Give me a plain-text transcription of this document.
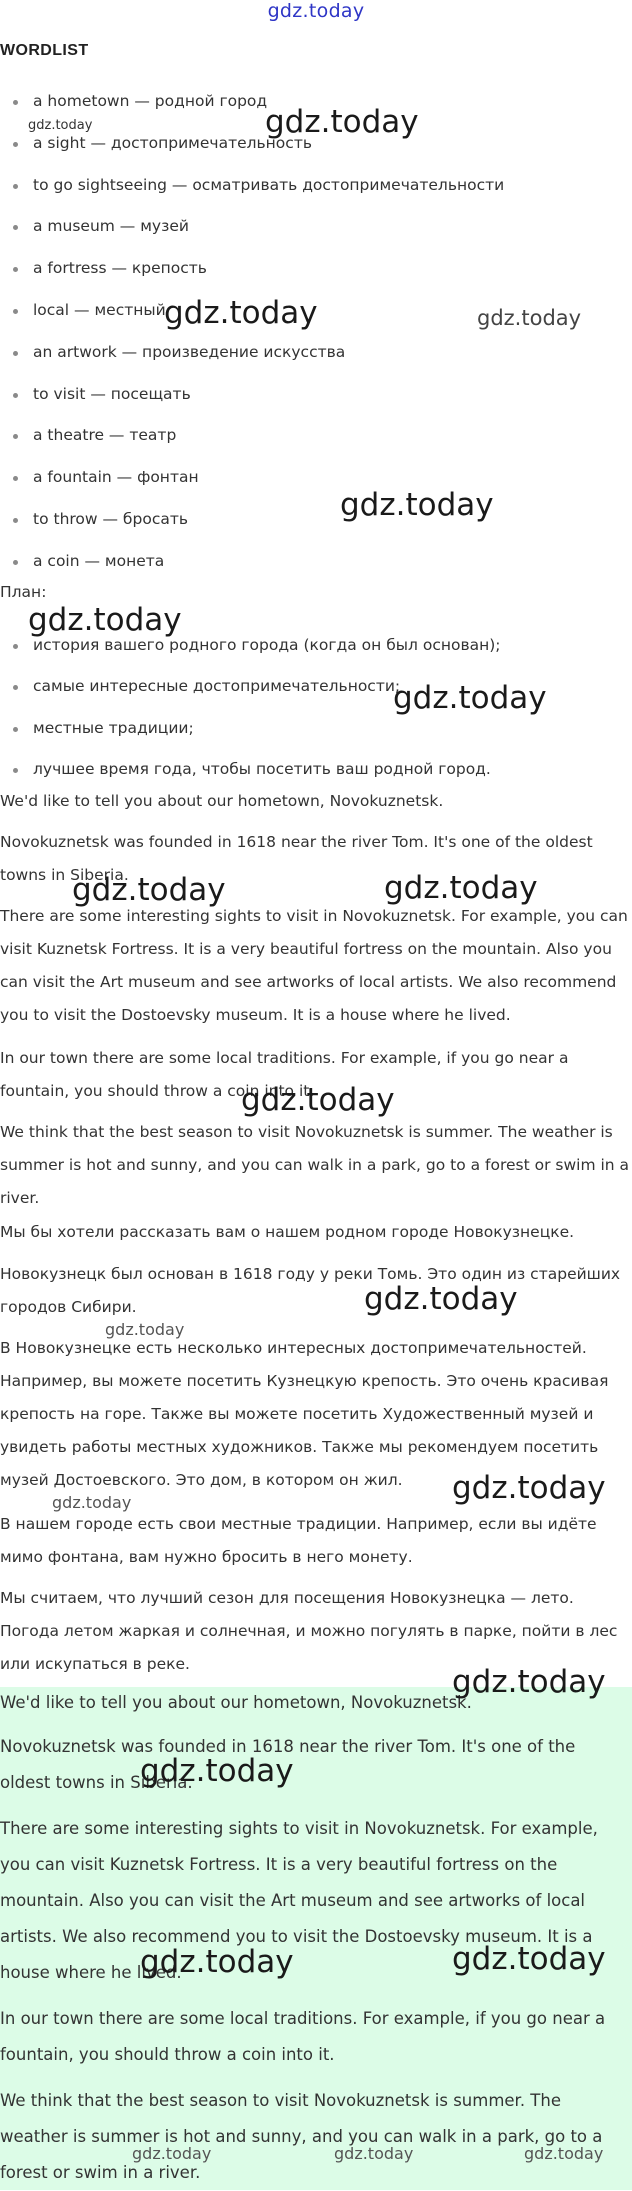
gdz.today
WORDLIST
a hometown — родной город
a sight — достопримечательность
to go sightseeing — осматривать достопримечательности
a museum — музей
a fortress — крепость
local — местный
an artwork — произведение искусства
to visit — посещать
a theatre — театр
a fountain — фонтан
to throw — бросать
a coin — монета
План:
история вашего родного города (когда он был основан);
самые интересные достопримечательности;
местные традиции;
лучшее время года, чтобы посетить ваш родной город.

We'd like to tell you about our hometown, Novokuznetsk.

Novokuznetsk was founded in 1618 near the river Tom. It's one of the oldest towns in Siberia.

There are some interesting sights to visit in Novokuznetsk. For example, you can visit Kuznetsk Fortress. It is a very beautiful fortress on the mountain. Also you can visit the Art museum and see artworks of local artists. We also recommend you to visit the Dostoevsky museum. It is a house where he lived.

In our town there are some local traditions. For example, if you go near a fountain, you should throw a coin into it.

We think that the best season to visit Novokuznetsk is summer. The weather is summer is hot and sunny, and you can walk in a park, go to a forest or swim in a river.

Мы бы хотели рассказать вам о нашем родном городе Новокузнецке.

Новокузнецк был основан в 1618 году у реки Томь. Это один из старейших городов Сибири.

В Новокузнецке есть несколько интересных достопримечательностей. Например, вы можете посетить Кузнецкую крепость. Это очень красивая крепость на горе. Также вы можете посетить Художественный музей и увидеть работы местных художников. Также мы рекомендуем посетить музей Достоевского. Это дом, в котором он жил.

В нашем городе есть свои местные традиции. Например, если вы идёте мимо фонтана, вам нужно бросить в него монету.

Мы считаем, что лучший сезон для посещения Новокузнецка — лето. Погода летом жаркая и солнечная, и можно погулять в парке, пойти в лес или искупаться в реке.

We'd like to tell you about our hometown, Novokuznetsk.

Novokuznetsk was founded in 1618 near the river Tom. It's one of the oldest towns in Siberia.

There are some interesting sights to visit in Novokuznetsk. For example, you can visit Kuznetsk Fortress. It is a very beautiful fortress on the mountain. Also you can visit the Art museum and see artworks of local artists. We also recommend you to visit the Dostoevsky museum. It is a house where he lived.

In our town there are some local traditions. For example, if you go near a fountain, you should throw a coin into it.

We think that the best season to visit Novokuznetsk is summer. The weather is summer is hot and sunny, and you can walk in a park, go to a forest or swim in a river.

gdz.today	gdz.today
gdz.today	gdz.today
gdz.today
gdz.today
gdz.today
gdz.today	gdz.today
gdz.today
gdz.today
gdz.today
gdz.today
gdz.today
gdz.today
gdz.today
gdz.today	gdz.today
gdz.today	gdz.today	gdz.today
